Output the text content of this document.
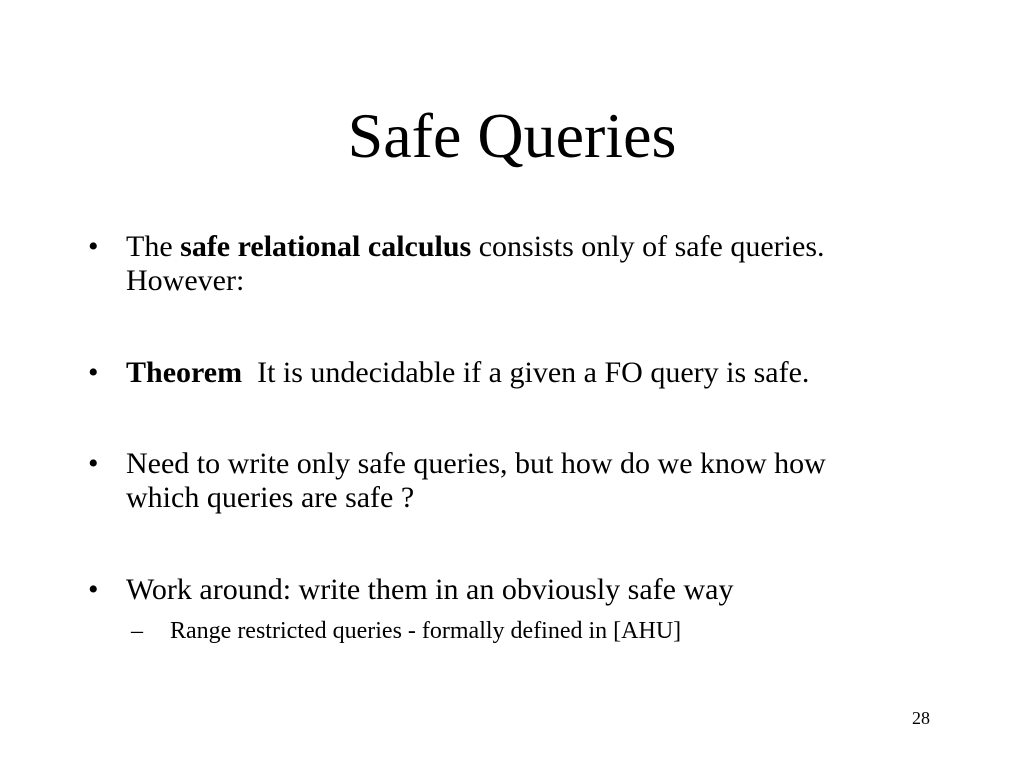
Safe Queries
• The safe relational calculus consists only of safe queries.
However:
• Theorem  It is undecidable if a given a FO query is safe.
• Need to write only safe queries, but how do we know how
which queries are safe ?
• Work around: write them in an obviously safe way
– Range restricted queries - formally defined in [AHU]
28
